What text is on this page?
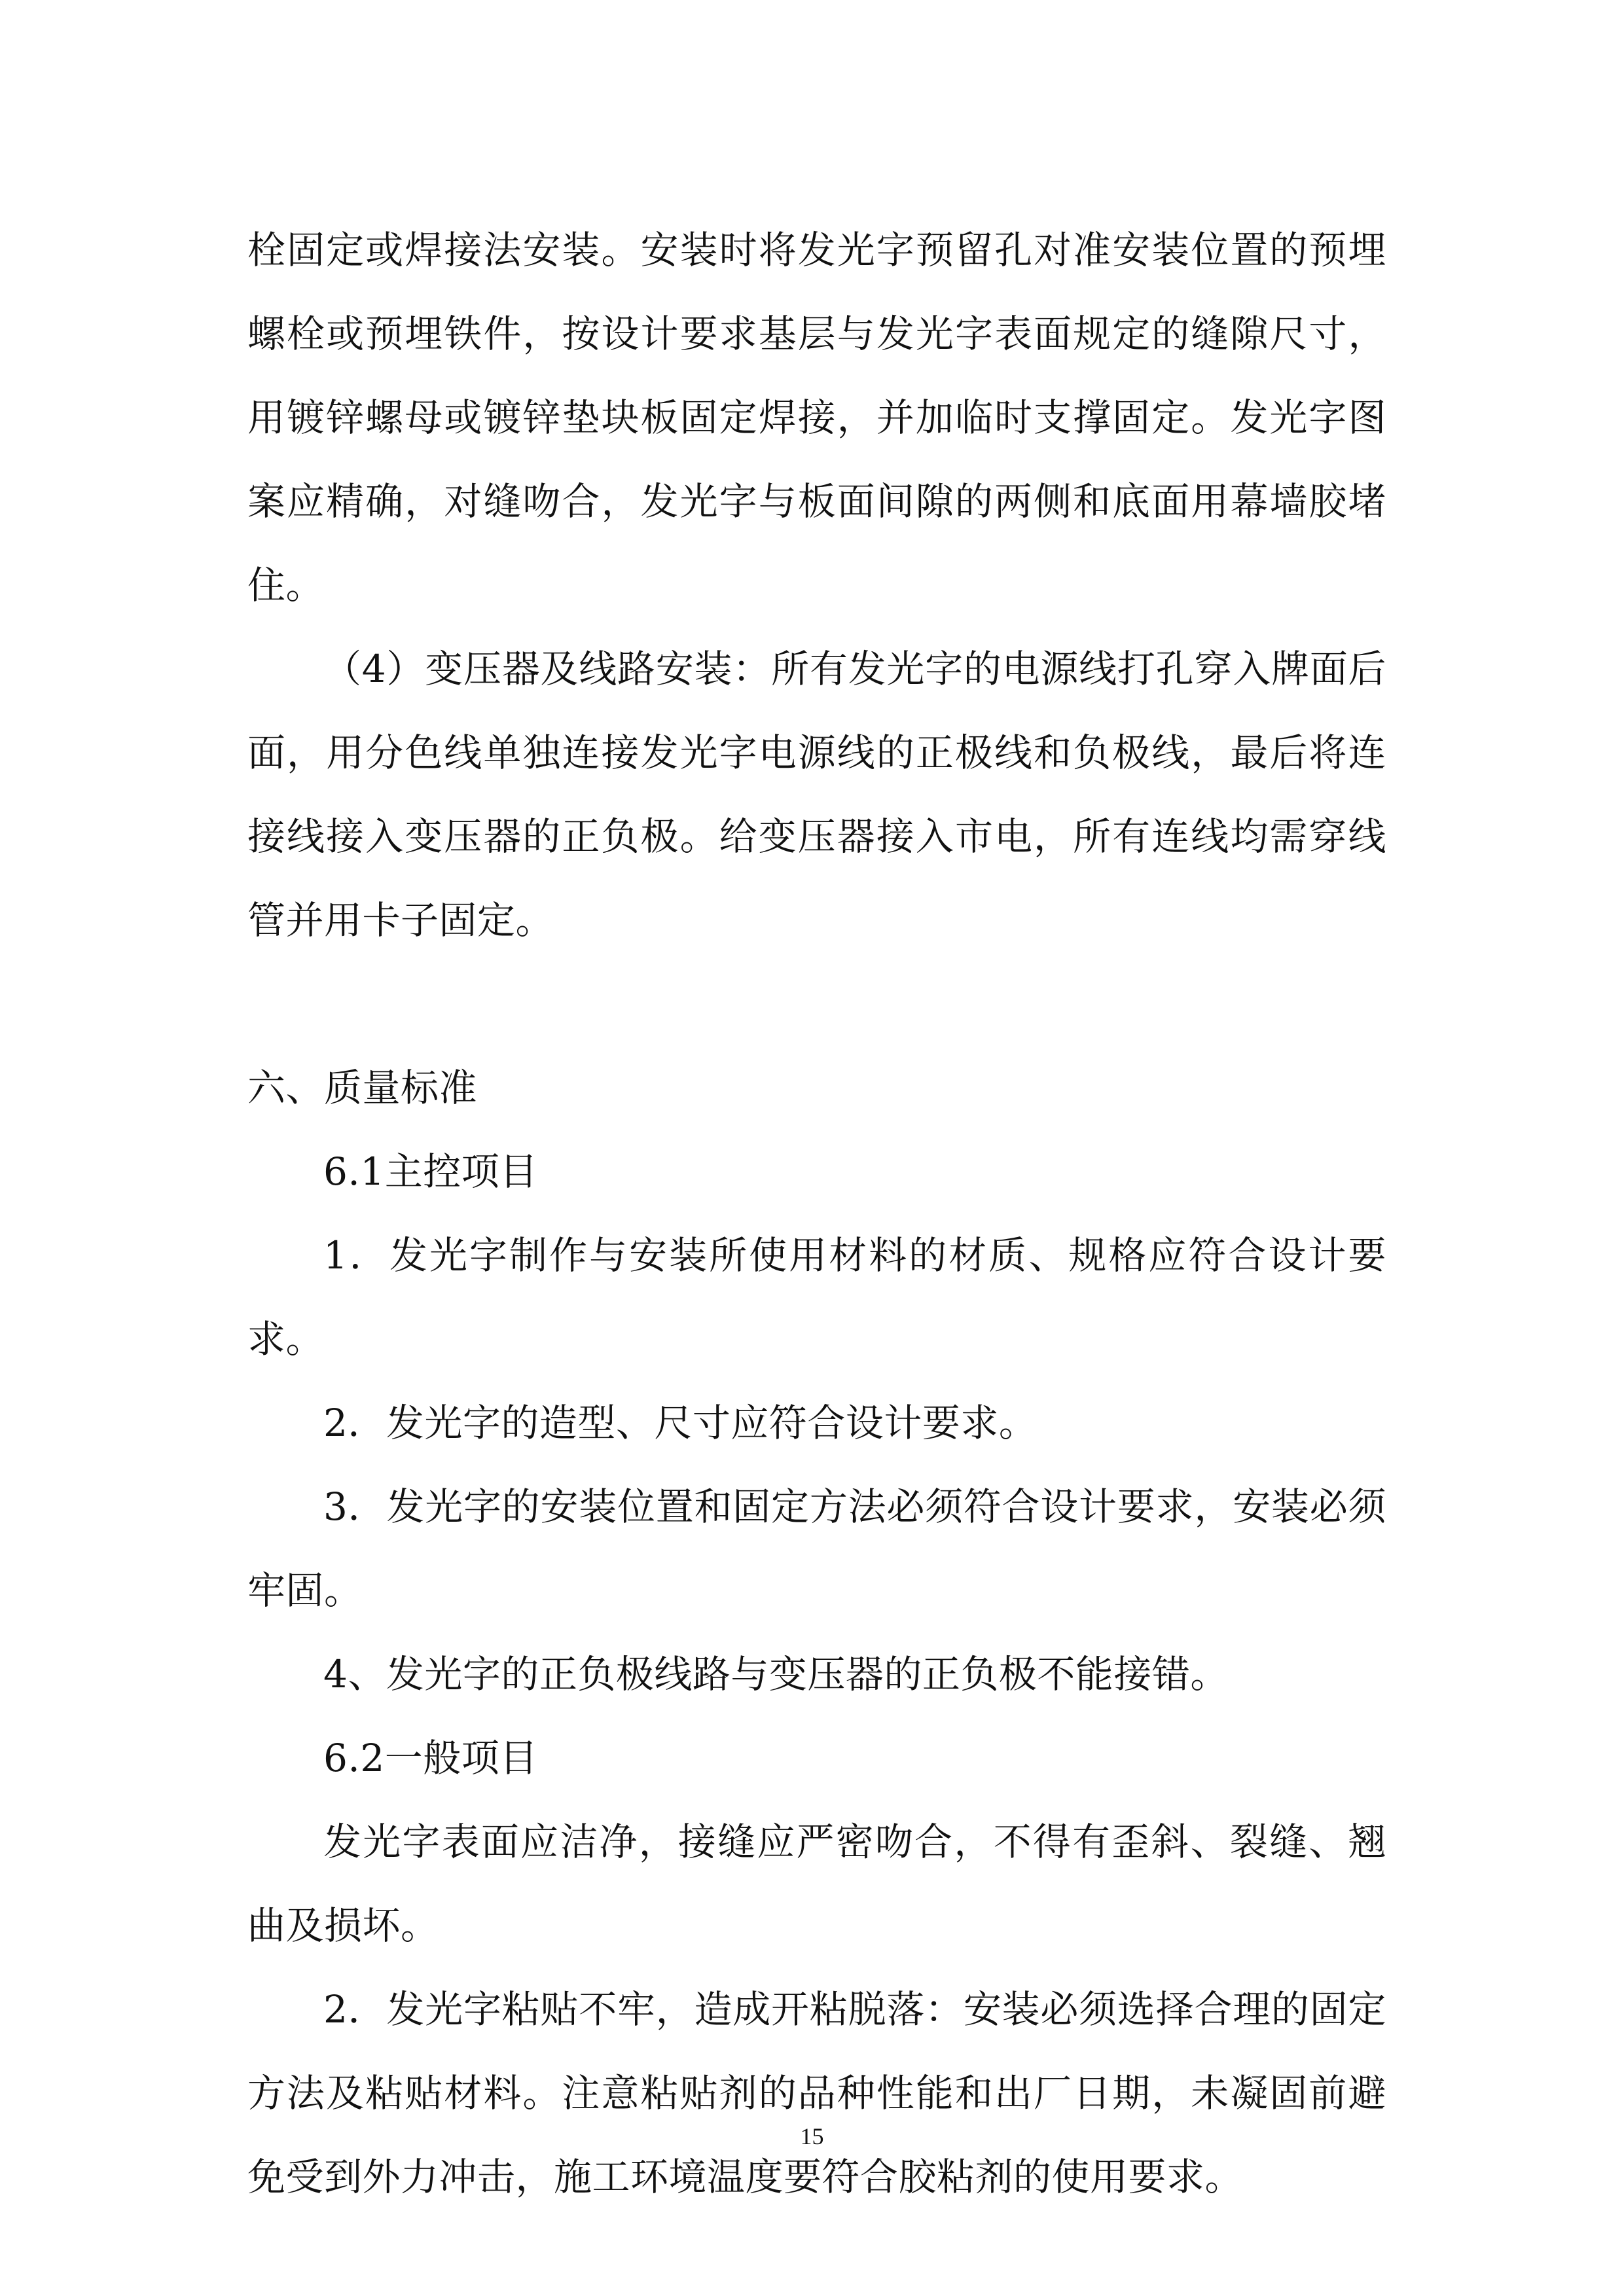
栓固定或焊接法安装。安装时将发光字预留孔对准安装位置的预埋螺栓或预埋铁件，按设计要求基层与发光字表面规定的缝隙尺寸，用镀锌螺母或镀锌垫块板固定焊接，并加临时支撑固定。发光字图案应精确，对缝吻合，发光字与板面间隙的两侧和底面用幕墙胶堵住。

（4）变压器及线路安装：所有发光字的电源线打孔穿入牌面后面，用分色线单独连接发光字电源线的正极线和负极线，最后将连接线接入变压器的正负极。给变压器接入市电，所有连线均需穿线管并用卡子固定。

六、质量标准

6.1主控项目

1．发光字制作与安装所使用材料的材质、规格应符合设计要求。

2．发光字的造型、尺寸应符合设计要求。

3．发光字的安装位置和固定方法必须符合设计要求，安装必须牢固。

4、发光字的正负极线路与变压器的正负极不能接错。

6.2一般项目

发光字表面应洁净，接缝应严密吻合，不得有歪斜、裂缝、翘曲及损坏。

2．发光字粘贴不牢，造成开粘脱落：安装必须选择合理的固定方法及粘贴材料。注意粘贴剂的品种性能和出厂日期，未凝固前避免受到外力冲击，施工环境温度要符合胶粘剂的使用要求。

15
